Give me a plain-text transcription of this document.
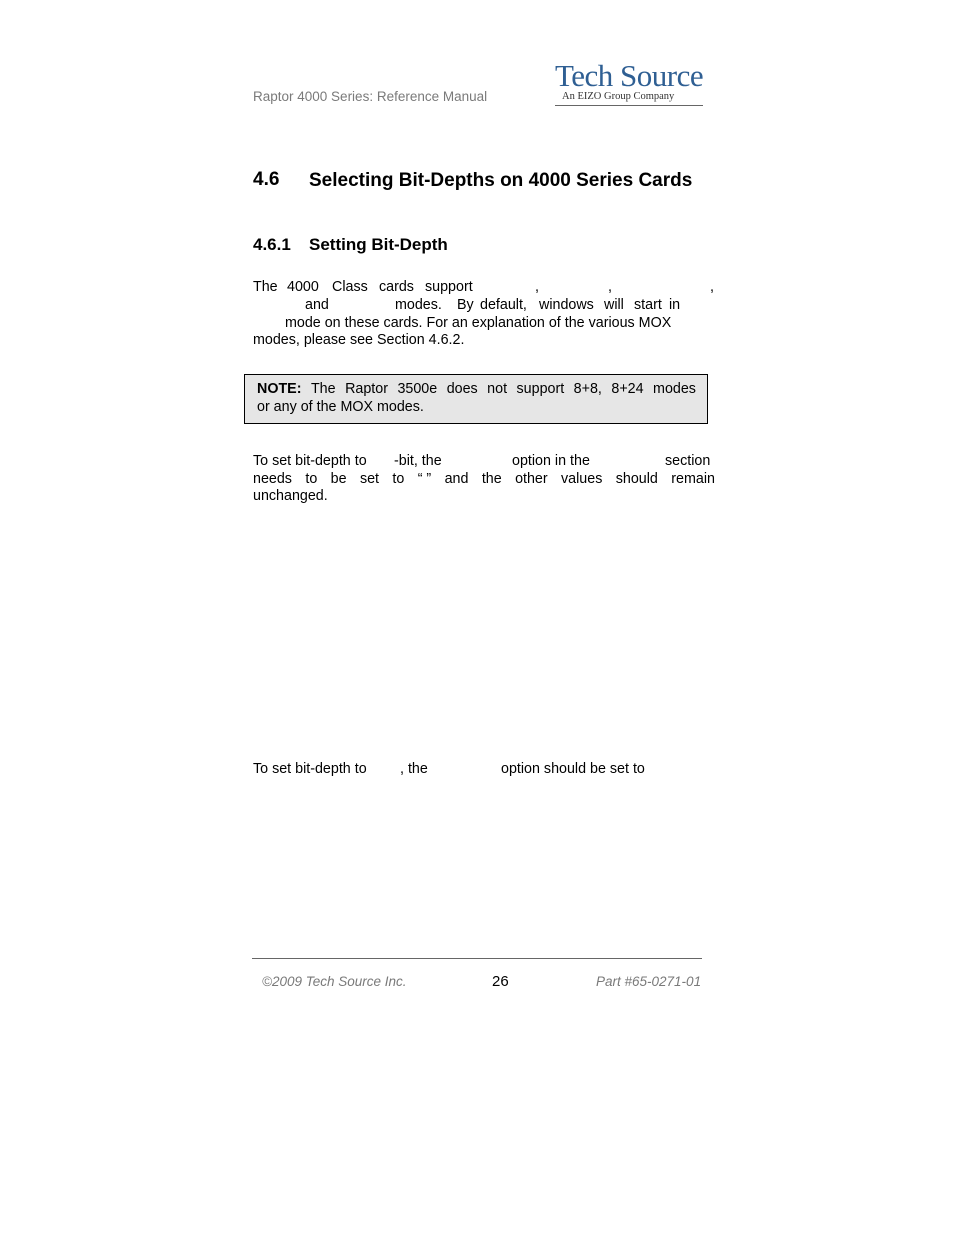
Raptor 4000 Series: Reference Manual
Tech Source
An EIZO Group Company
4.6 Selecting Bit-Depths on 4000 Series Cards
4.6.1 Setting Bit-Depth
The 4000 Class cards support	,	,	,
and	modes. By default, windows will start in
mode on these cards. For an explanation of the various MOX
modes, please see Section 4.6.2.
NOTE: The Raptor 3500e does not support 8+8, 8+24 modes
or any of the MOX modes.
To set bit-depth to -bit, the	option in the	section
needs to be set to “ ” and the other values should remain
unchanged.
To set bit-depth to , the	option should be set to
©2009 Tech Source Inc.	26	Part #65-0271-01
